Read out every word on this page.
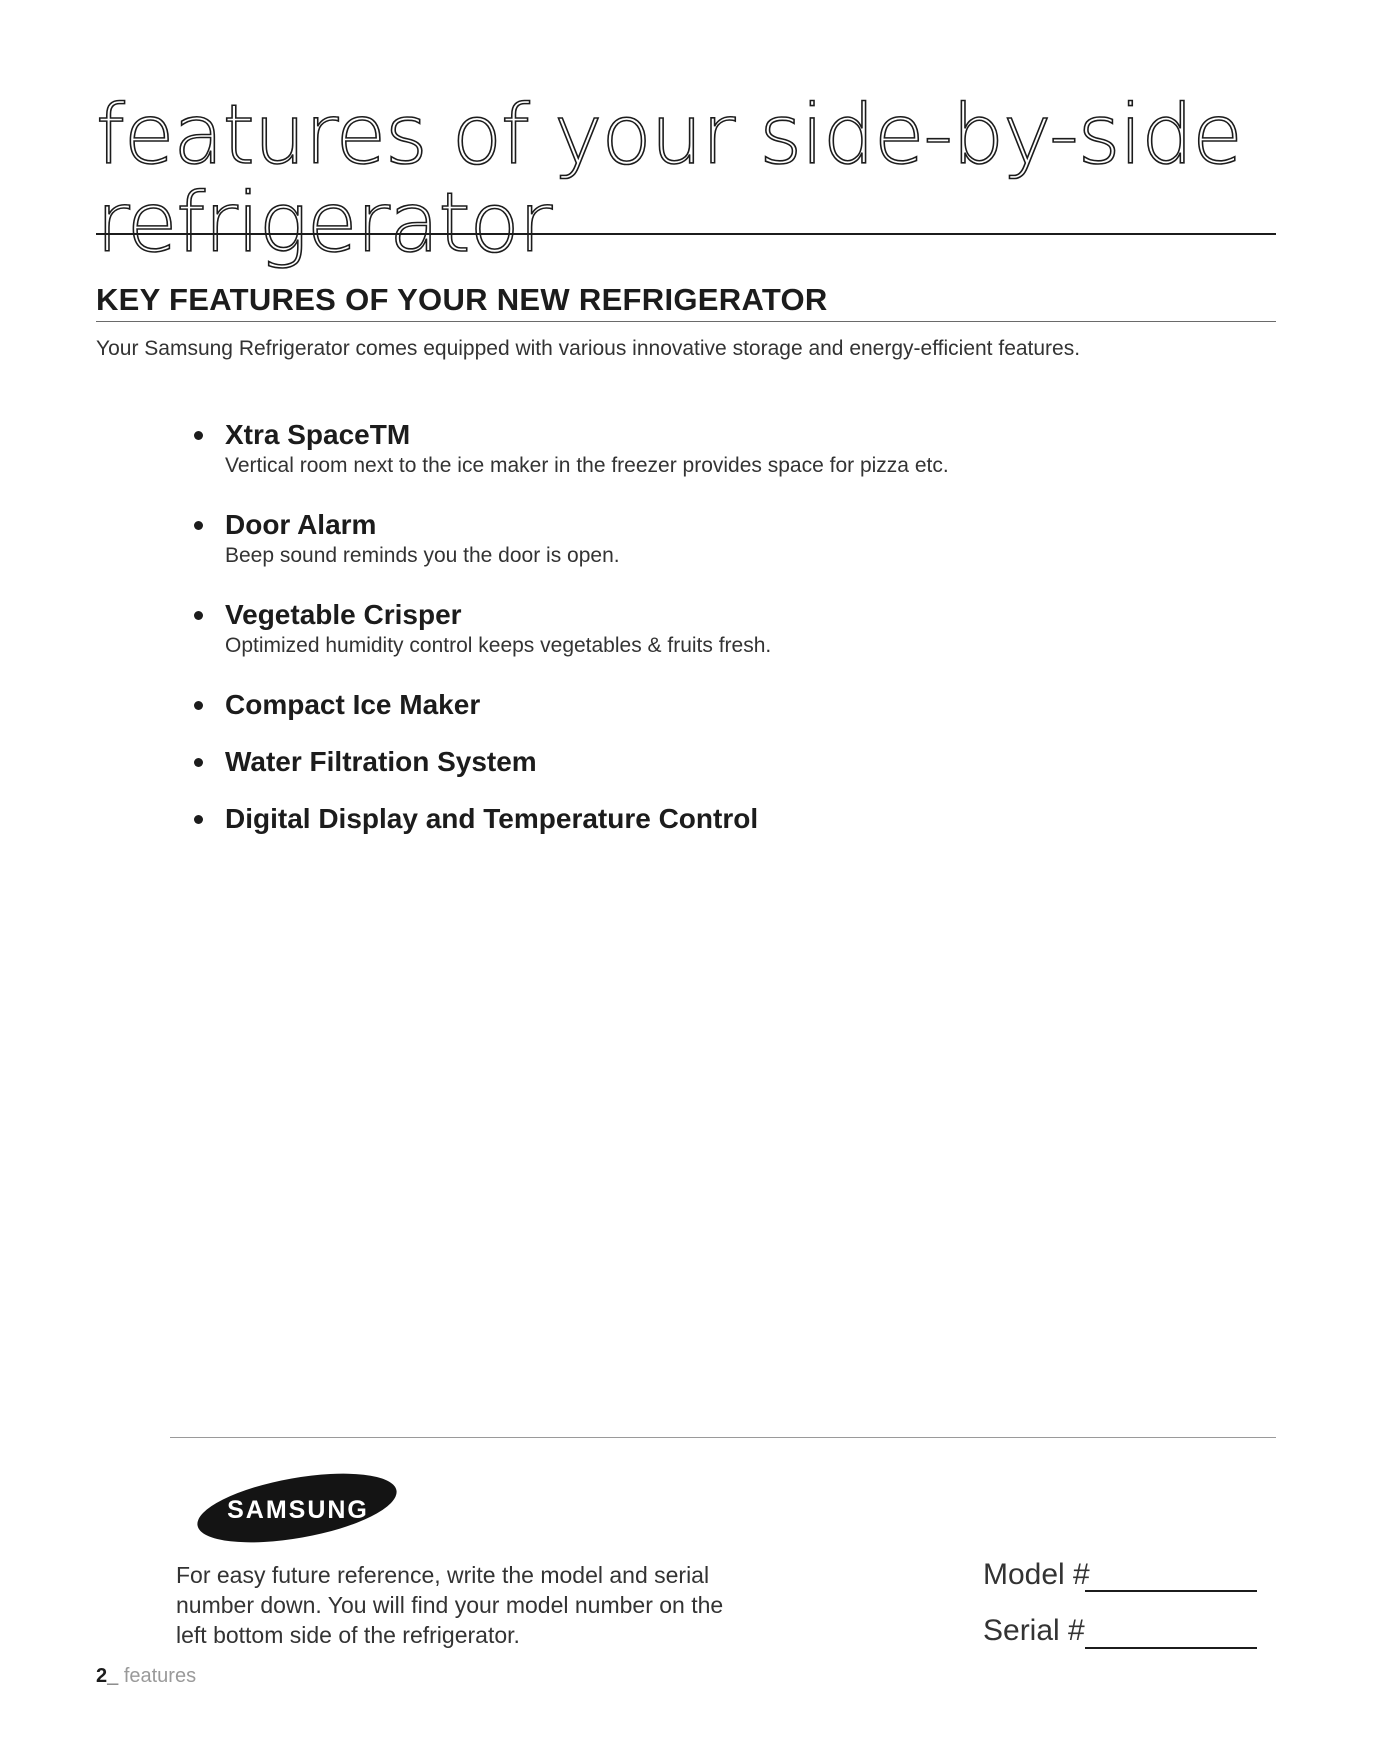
features of your side-by-side refrigerator
KEY FEATURES OF YOUR NEW REFRIGERATOR

Your Samsung Refrigerator comes equipped with various innovative storage and energy-efficient features.

Xtra SpaceTM
Vertical room next to the ice maker in the freezer provides space for pizza etc.
Door Alarm
Beep sound reminds you the door is open.
Vegetable Crisper
Optimized humidity control keeps vegetables & fruits fresh.
Compact Ice Maker
Water Filtration System
Digital Display and Temperature Control
SAMSUNG

For easy future reference, write the model and serial number down. You will find your model number on the left bottom side of the refrigerator.

Model #
Serial #
2_ features
